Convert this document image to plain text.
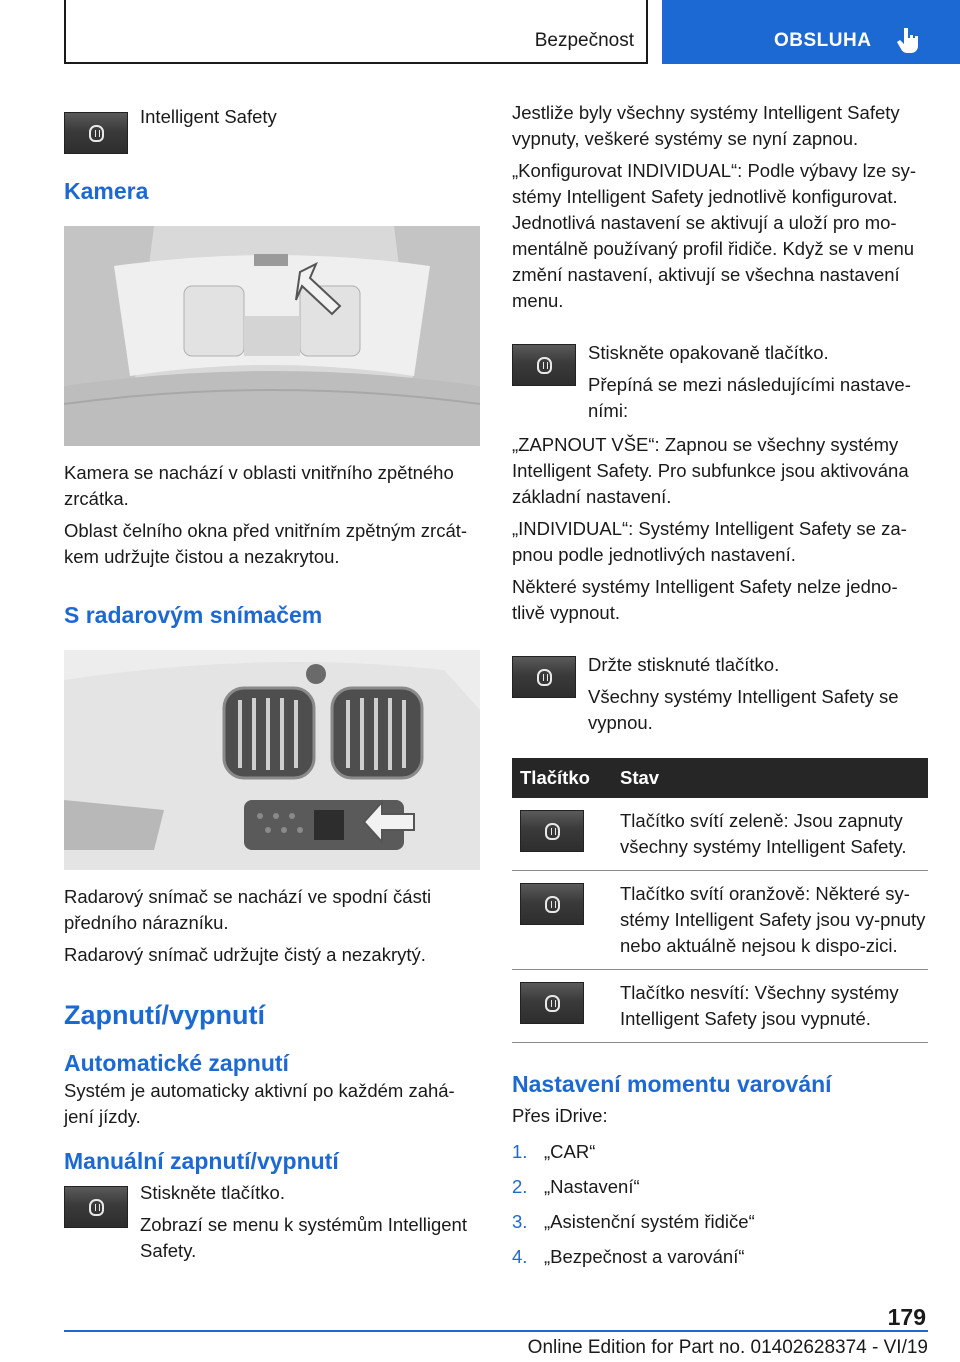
Bezpečnost	OBSLUHA

Intelligent Safety

Kamera

Kamera se nachází v oblasti vnitřního zpětného zrcátka.

Oblast čelního okna před vnitřním zpětným zrcát-kem udržujte čistou a nezakrytou.

S radarovým snímačem

Radarový snímač se nachází ve spodní části předního nárazníku.

Radarový snímač udržujte čistý a nezakrytý.

Zapnutí/vypnutí
Automatické zapnutí

Systém je automaticky aktivní po každém zahá-jení jízdy.

Manuální zapnutí/vypnutí

Stiskněte tlačítko.

Zobrazí se menu k systémům Intelligent Safety.

Jestliže byly všechny systémy Intelligent Safety vypnuty, veškeré systémy se nyní zapnou.

„Konfigurovat INDIVIDUAL“: Podle výbavy lze sy-stémy Intelligent Safety jednotlivě konfigurovat. Jednotlivá nastavení se aktivují a uloží pro mo-mentálně používaný profil řidiče. Když se v menu změní nastavení, aktivují se všechna nastavení menu.

Stiskněte opakovaně tlačítko.

Přepíná se mezi následujícími nastave-ními:

„ZAPNOUT VŠE“: Zapnou se všechny systémy Intelligent Safety. Pro subfunkce jsou aktivována základní nastavení.

„INDIVIDUAL“: Systémy Intelligent Safety se za-pnou podle jednotlivých nastavení.

Některé systémy Intelligent Safety nelze jedno-tlivě vypnout.

Držte stisknuté tlačítko.

Všechny systémy Intelligent Safety se vypnou.

Tlačítko	Stav

	Tlačítko svítí zeleně: Jsou zapnuty všechny systémy Intelligent Safety.

	Tlačítko svítí oranžově: Některé sy-stémy Intelligent Safety jsou vy-pnuty nebo aktuálně nejsou k dispo-zici.

	Tlačítko nesvítí: Všechny systémy Intelligent Safety jsou vypnuté.
Nastavení momentu varování

Přes iDrive:

1. „CAR“
2. „Nastavení“
3. „Asistenční systém řidiče“
4. „Bezpečnost a varování“
179
Online Edition for Part no. 01402628374 - VI/19
